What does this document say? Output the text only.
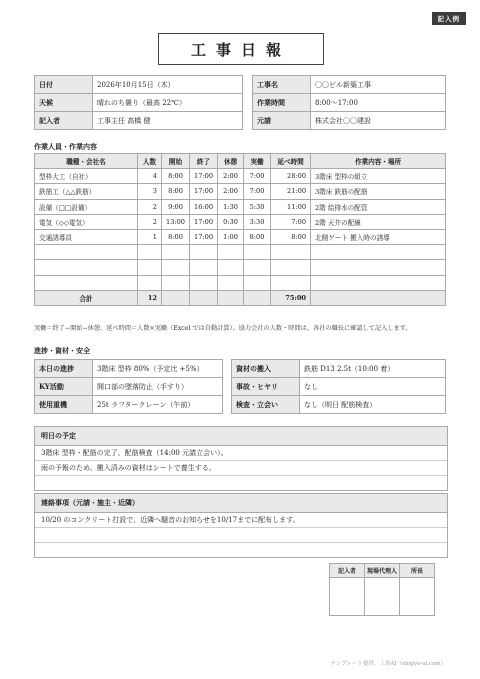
記入例
工事日報
日付	2026年10月15日（木）		工事名	〇〇ビル新築工事
天候	晴れのち曇り（最高 22℃）		作業時間	8:00〜17:00
記入者	工事主任 高橋 健		元請	株式会社〇〇建設
作業人員・作業内容
職種・会社名	人数	開始	終了	休憩	実働	延べ時間	作業内容・場所
型枠大工（自社）	4	8:00	17:00	2:00	7:00	28:00	3階床 型枠の組立
鉄筋工（△△鉄筋）	3	8:00	17:00	2:00	7:00	21:00	3階床 鉄筋の配筋
設備（□□設備）	2	9:00	16:00	1:30	5:30	11:00	2階 給排水の配管
電気（◇◇電気）	2	13:00	17:00	0:30	3:30	7:00	2階 天井の配線
交通誘導員	1	8:00	17:00	1:00	8:00	8:00	北側ゲート 搬入時の誘導

合計	12					75:00	
実働＝終了−開始−休憩、延べ時間＝人数×実働（Excel では自動計算）。協力会社の人数・時間は、各社の職長に確認して記入します。
進捗・資材・安全
本日の進捗	3階床 型枠 80%（予定比 +5%）		資材の搬入	鉄筋 D13 2.5t（10:00 着）
KY活動	開口部の墜落防止（手すり）		事故・ヒヤリ	なし
使用重機	25t ラフタークレーン（午前）		検査・立会い	なし（明日 配筋検査）
明日の予定
3階床 型枠・配筋の完了、配筋検査（14:00 元請立会い）。
雨の予報のため、搬入済みの資材はシートで養生する。
連絡事項（元請・施主・近隣）
10/20 のコンクリート打設で、近隣へ騒音のお知らせを10/17までに配布します。
記入者	現場代理人	所長

テンプレート提供：工事AI（shigyo-ai.com）
